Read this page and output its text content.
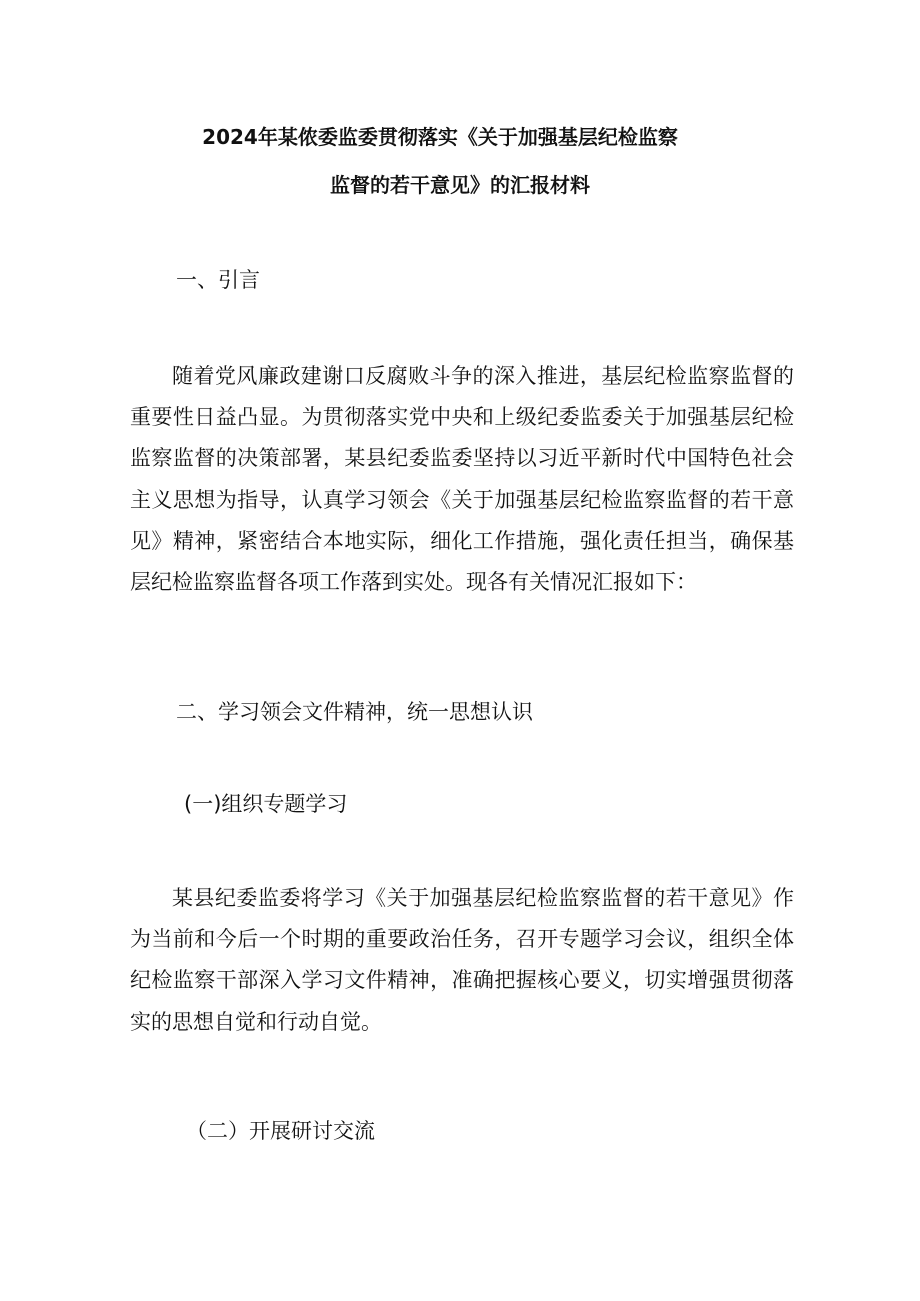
2024年某侬委监委贯彻落实《关于加强基层纪检监察
监督的若干意见》的汇报材料
一、引言
随着党风廉政建谢口反腐败斗争的深入推进，基层纪检监察监督的重要性日益凸显。为贯彻落实党中央和上级纪委监委关于加强基层纪检监察监督的决策部署，某县纪委监委坚持以习近平新时代中国特色社会主义思想为指导，认真学习领会《关于加强基层纪检监察监督的若干意见》精神，紧密结合本地实际，细化工作措施，强化责任担当，确保基层纪检监察监督各项工作落到实处。现各有关情况汇报如下：
二、学习领会文件精神，统一思想认识
(一)组织专题学习
某县纪委监委将学习《关于加强基层纪检监察监督的若干意见》作为当前和今后一个时期的重要政治任务，召开专题学习会议，组织全体纪检监察干部深入学习文件精神，准确把握核心要义，切实增强贯彻落实的思想自觉和行动自觉。
（二）开展研讨交流
